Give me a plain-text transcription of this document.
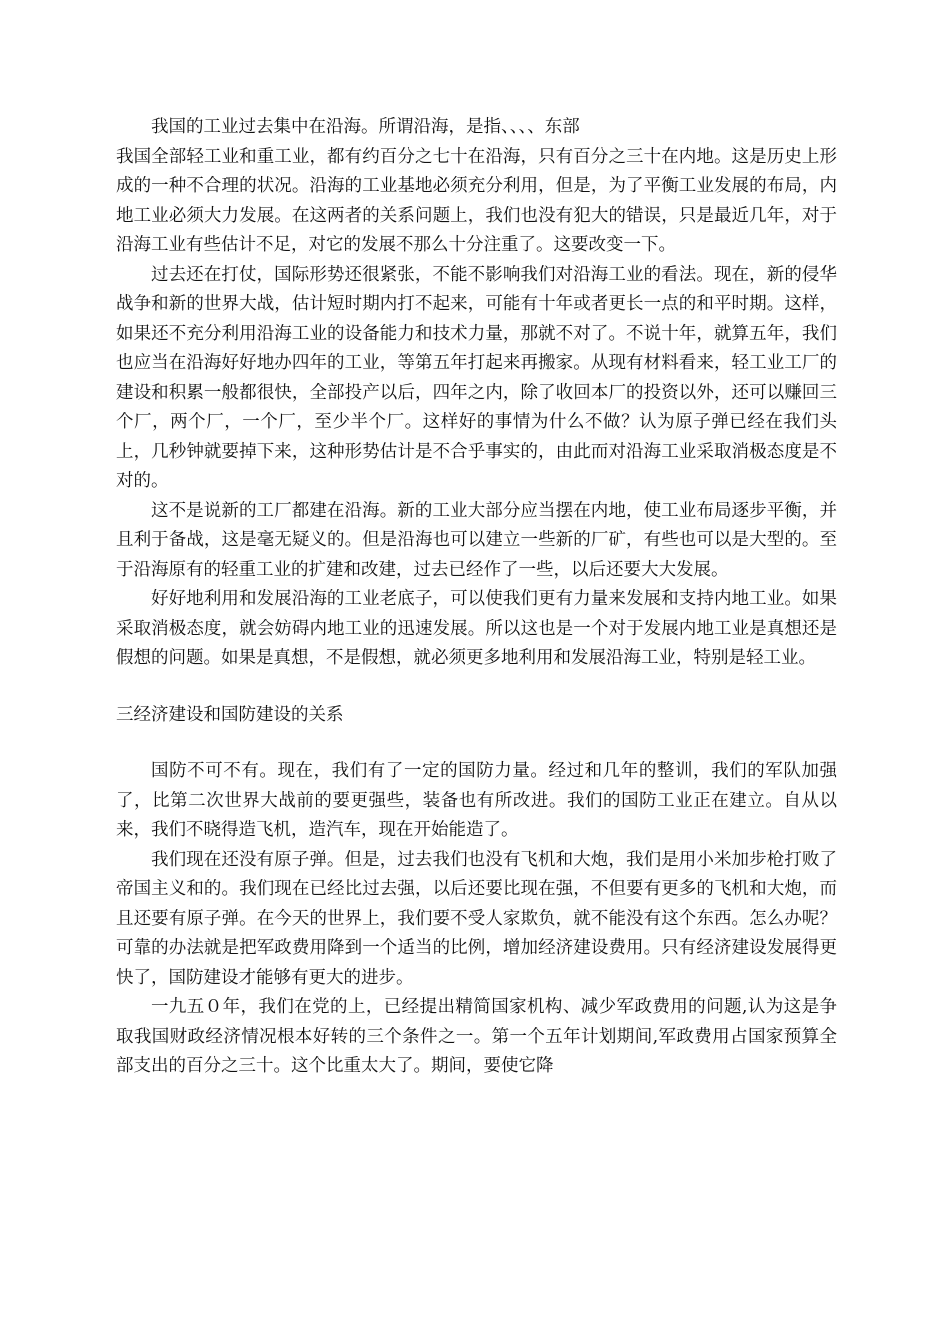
我国的工业过去集中在沿海。所谓沿海，是指、、、、东部

我国全部轻工业和重工业，都有约百分之七十在沿海，只有百分之三十在内地。这是历史上形成的一种不合理的状况。沿海的工业基地必须充分利用，但是，为了平衡工业发展的布局，内地工业必须大力发展。在这两者的关系问题上，我们也没有犯大的错误，只是最近几年，对于沿海工业有些估计不足，对它的发展不那么十分注重了。这要改变一下。

过去还在打仗，国际形势还很紧张，不能不影响我们对沿海工业的看法。现在，新的侵华战争和新的世界大战，估计短时期内打不起来，可能有十年或者更长一点的和平时期。这样，如果还不充分利用沿海工业的设备能力和技术力量，那就不对了。不说十年，就算五年，我们也应当在沿海好好地办四年的工业，等第五年打起来再搬家。从现有材料看来，轻工业工厂的建设和积累一般都很快，全部投产以后，四年之内，除了收回本厂的投资以外，还可以赚回三个厂，两个厂，一个厂，至少半个厂。这样好的事情为什么不做？认为原子弹已经在我们头上，几秒钟就要掉下来，这种形势估计是不合乎事实的，由此而对沿海工业采取消极态度是不对的。

这不是说新的工厂都建在沿海。新的工业大部分应当摆在内地，使工业布局逐步平衡，并且利于备战，这是毫无疑义的。但是沿海也可以建立一些新的厂矿，有些也可以是大型的。至于沿海原有的轻重工业的扩建和改建，过去已经作了一些，以后还要大大发展。

好好地利用和发展沿海的工业老底子，可以使我们更有力量来发展和支持内地工业。如果采取消极态度，就会妨碍内地工业的迅速发展。所以这也是一个对于发展内地工业是真想还是假想的问题。如果是真想，不是假想，就必须更多地利用和发展沿海工业，特别是轻工业。

三经济建设和国防建设的关系

国防不可不有。现在，我们有了一定的国防力量。经过和几年的整训，我们的军队加强了，比第二次世界大战前的要更强些，装备也有所改进。我们的国防工业正在建立。自从以来，我们不晓得造飞机，造汽车，现在开始能造了。

我们现在还没有原子弹。但是，过去我们也没有飞机和大炮，我们是用小米加步枪打败了帝国主义和的。我们现在已经比过去强，以后还要比现在强，不但要有更多的飞机和大炮，而且还要有原子弹。在今天的世界上，我们要不受人家欺负，就不能没有这个东西。怎么办呢？可靠的办法就是把军政费用降到一个适当的比例，增加经济建设费用。只有经济建设发展得更快了，国防建设才能够有更大的进步。

一九五０年，我们在党的上，已经提出精简国家机构、减少军政费用的问题,认为这是争取我国财政经济情况根本好转的三个条件之一。第一个五年计划期间,军政费用占国家预算全部支出的百分之三十。这个比重太大了。期间，要使它降
